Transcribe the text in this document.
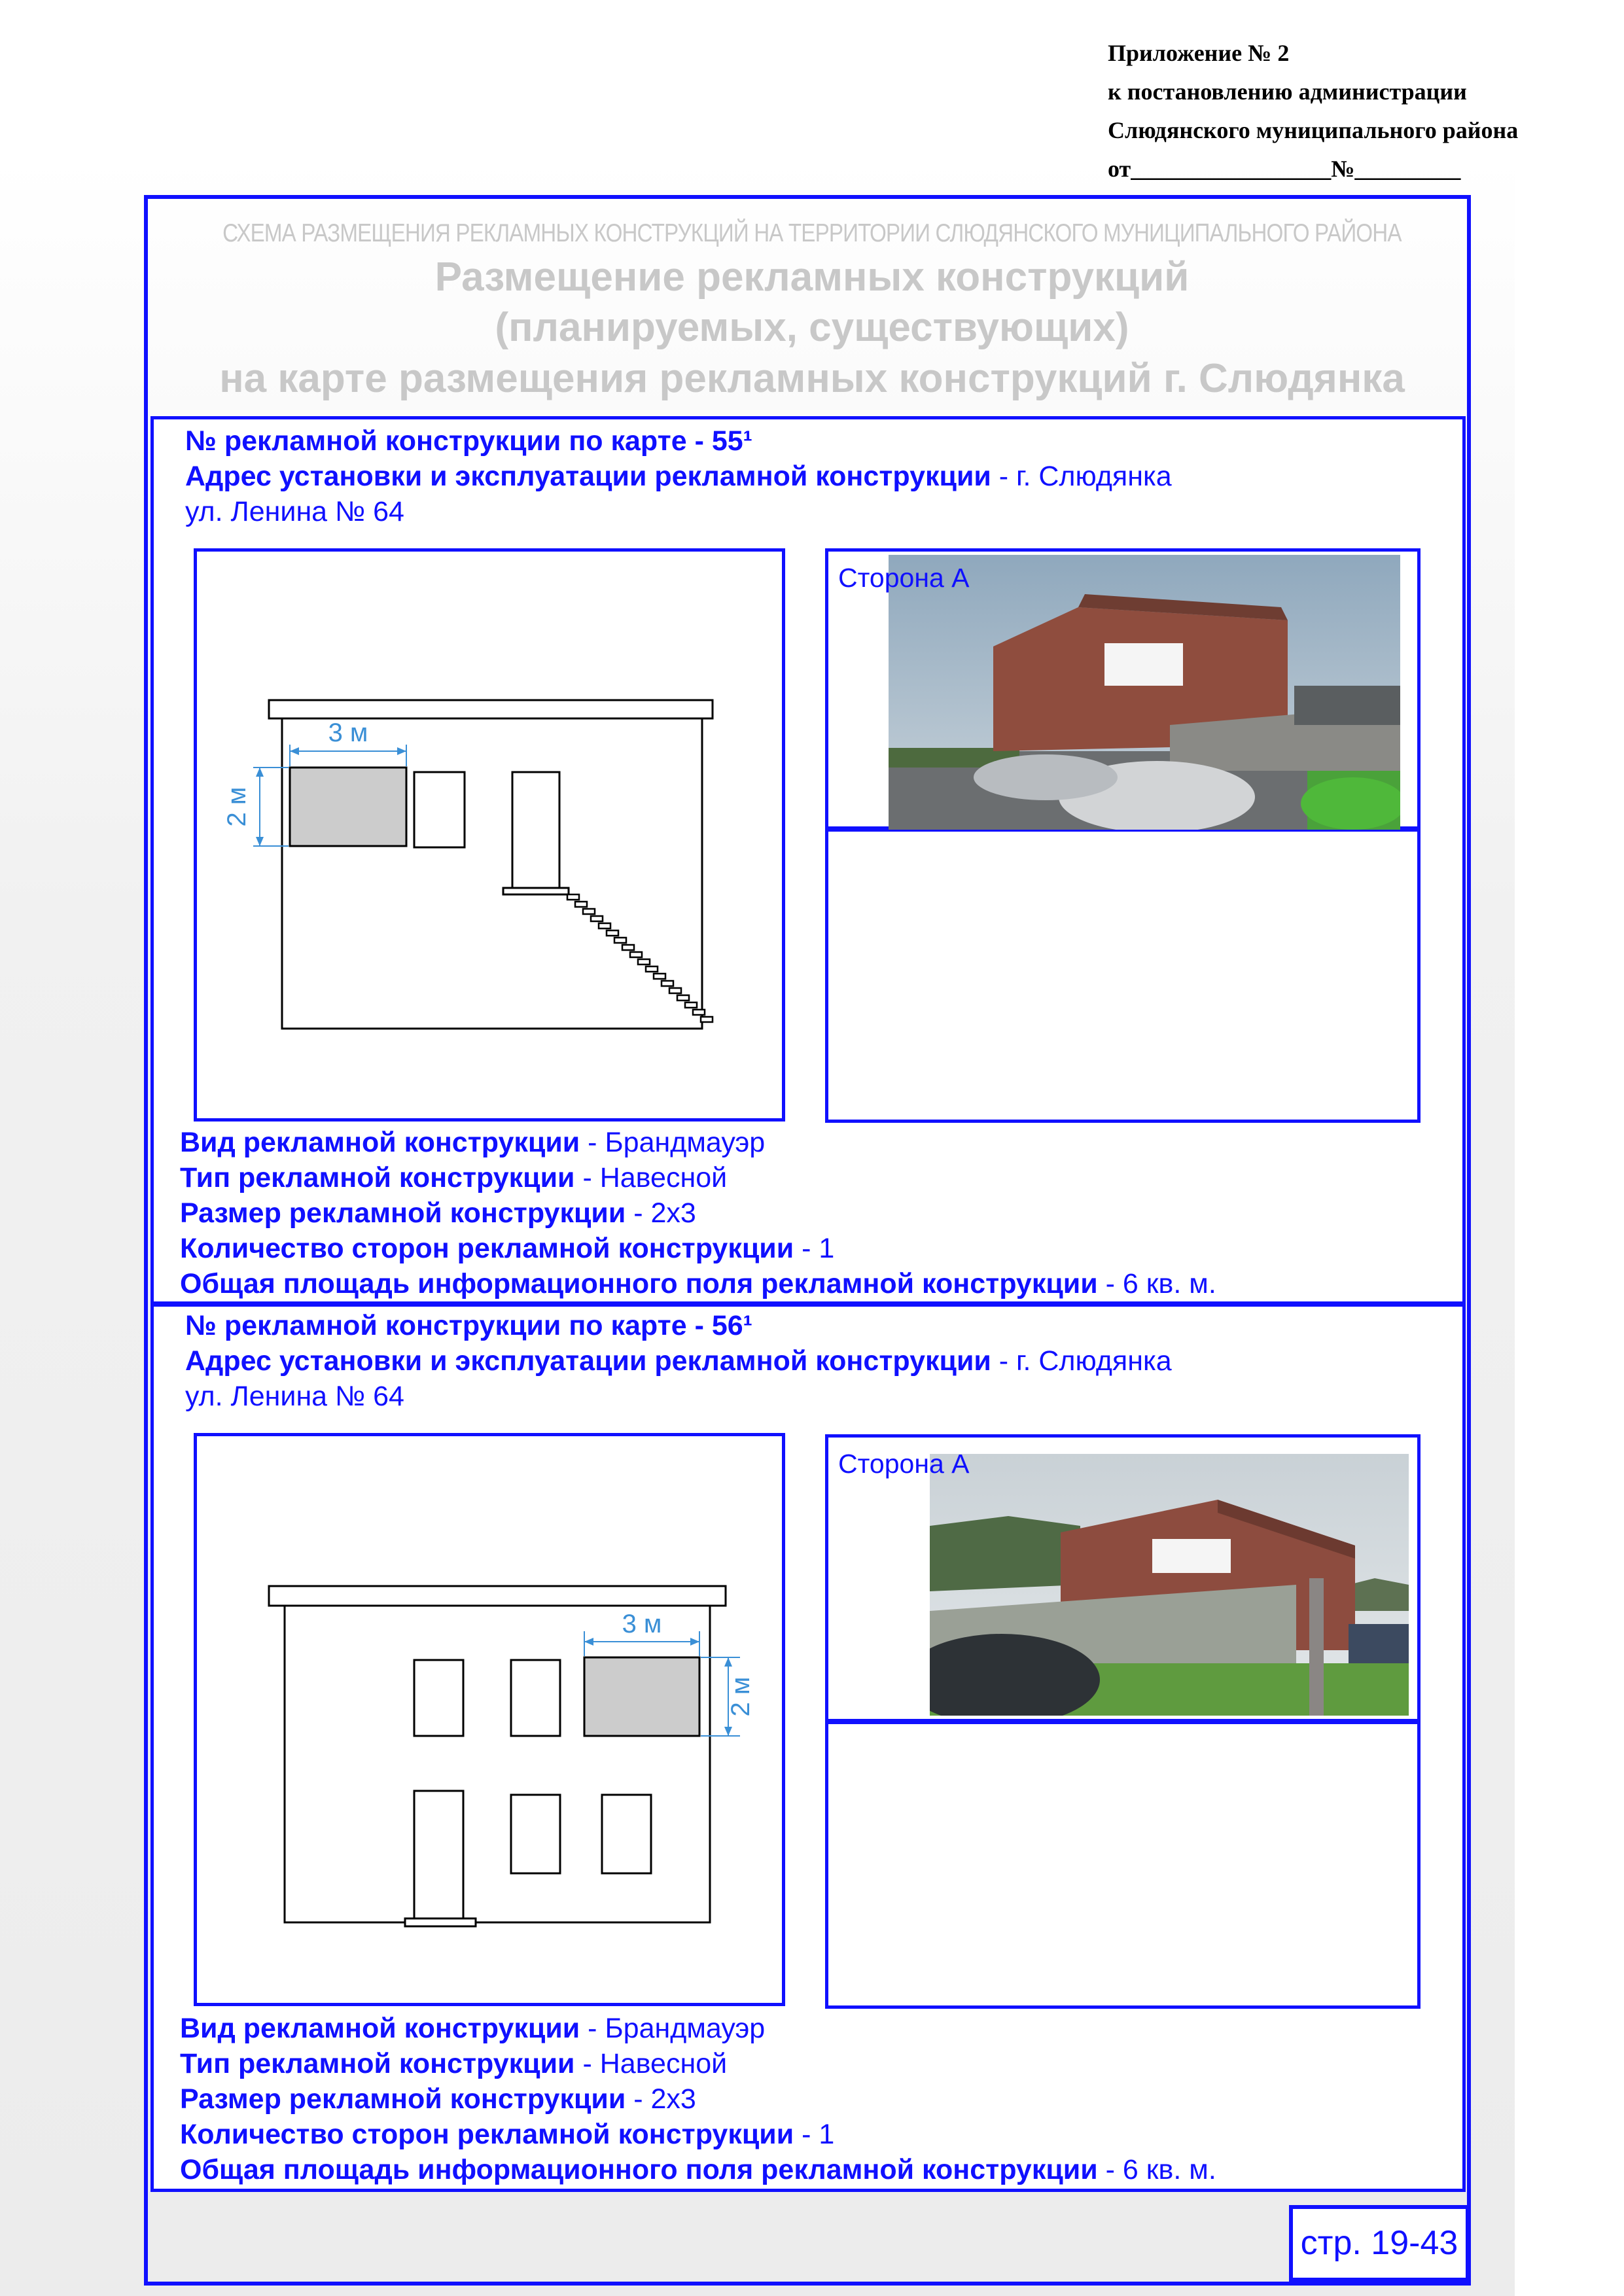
Приложение № 2
к постановлению администрации
Слюдянского муниципального района
от_________________№_________
СХЕМА РАЗМЕЩЕНИЯ РЕКЛАМНЫХ КОНСТРУКЦИЙ НА ТЕРРИТОРИИ СЛЮДЯНСКОГО МУНИЦИПАЛЬНОГО РАЙОНА
Размещение рекламных конструкций
(планируемых, существующих)
на карте размещения рекламных конструкций г. Слюдянка
№ рекламной конструкции по карте - 55¹
Адрес установки и эксплуатации рекламной конструкции - г. Слюдянка
ул. Ленина № 64
3 м
2 м
Сторона А
Вид рекламной конструкции - Брандмауэр
Тип рекламной конструкции - Навесной
Размер рекламной конструкции - 2х3
Количество сторон рекламной конструкции - 1
Общая площадь информационного поля рекламной конструкции - 6 кв. м.
№ рекламной конструкции по карте - 56¹
Адрес установки и эксплуатации рекламной конструкции - г. Слюдянка
ул. Ленина № 64
3 м
2 м
Сторона А
Вид рекламной конструкции - Брандмауэр
Тип рекламной конструкции - Навесной
Размер рекламной конструкции - 2х3
Количество сторон рекламной конструкции - 1
Общая площадь информационного поля рекламной конструкции - 6 кв. м.
стр. 19-43
